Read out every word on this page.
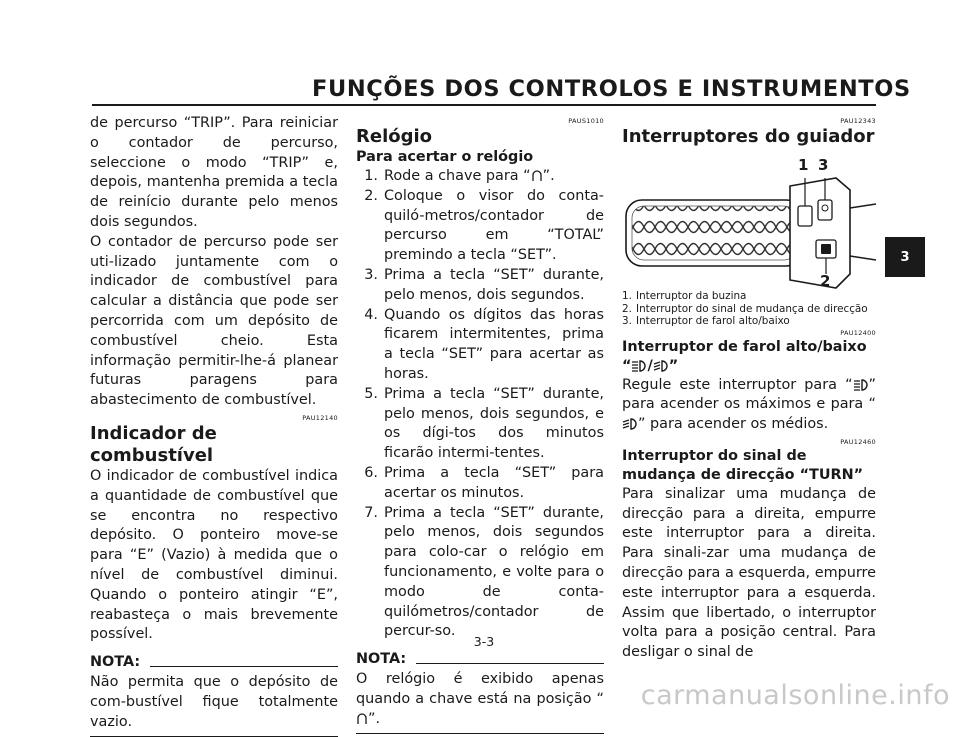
FUNÇÕES DOS CONTROLOS E INSTRUMENTOS

de percurso “TRIP”. Para reiniciar o contador de percurso, seleccione o modo “TRIP” e, depois, mantenha premida a tecla de reinício durante pelo menos dois segundos.

O contador de percurso pode ser uti-lizado juntamente com o indicador de combustível para calcular a distância que pode ser percorrida com um depósito de combustível cheio. Esta informação permitir-lhe-á planear futuras paragens para abastecimento de combustível.

PAU12140

Indicador de combustível

O indicador de combustível indica a quantidade de combustível que se encontra no respectivo depósito. O ponteiro move-se para “E” (Vazio) à medida que o nível de combustível diminui. Quando o ponteiro atingir “E”, reabasteça o mais brevemente possível.

NOTA:

Não permita que o depósito de com-bustível fique totalmente vazio.

PAUS1010

Relógio
Para acertar o relógio
1. Rode a chave para “ ”.
2. Coloque o visor do conta-quiló-metros/contador de percurso em “TOTAL” premindo a tecla “SET”.
3. Prima a tecla “SET” durante, pelo menos, dois segundos.
4. Quando os dígitos das horas ficarem intermitentes, prima a tecla “SET” para acertar as horas.
5. Prima a tecla “SET” durante, pelo menos, dois segundos, e os dígi-tos dos minutos ficarão intermi-tentes.
6. Prima a tecla “SET” para acertar os minutos.
7. Prima a tecla “SET” durante, pelo menos, dois segundos para colo-car o relógio em funcionamento, e volte para o modo de conta-quilómetros/contador de percur-so.
NOTA:

O relógio é exibido apenas quando a chave está na posição “”.

PAU12343

Interruptores do guiador
1 3
2
1. Interruptor da buzina
2. Interruptor do sinal de mudança de direcção
3. Interruptor de farol alto/baixo

PAU12400

Interruptor de farol alto/baixo “ / ”

Regule este interruptor para “ ” para acender os máximos e para “” para acender os médios.

PAU12460

Interruptor do sinal de mudança de direcção “TURN”

Para sinalizar uma mudança de direcção para a direita, empurre este interruptor para a direita. Para sinali-zar uma mudança de direcção para a esquerda, empurre este interruptor para a esquerda. Assim que libertado, o interruptor volta para a posição central. Para desligar o sinal de

3
3-3
carmanualsonline.info
